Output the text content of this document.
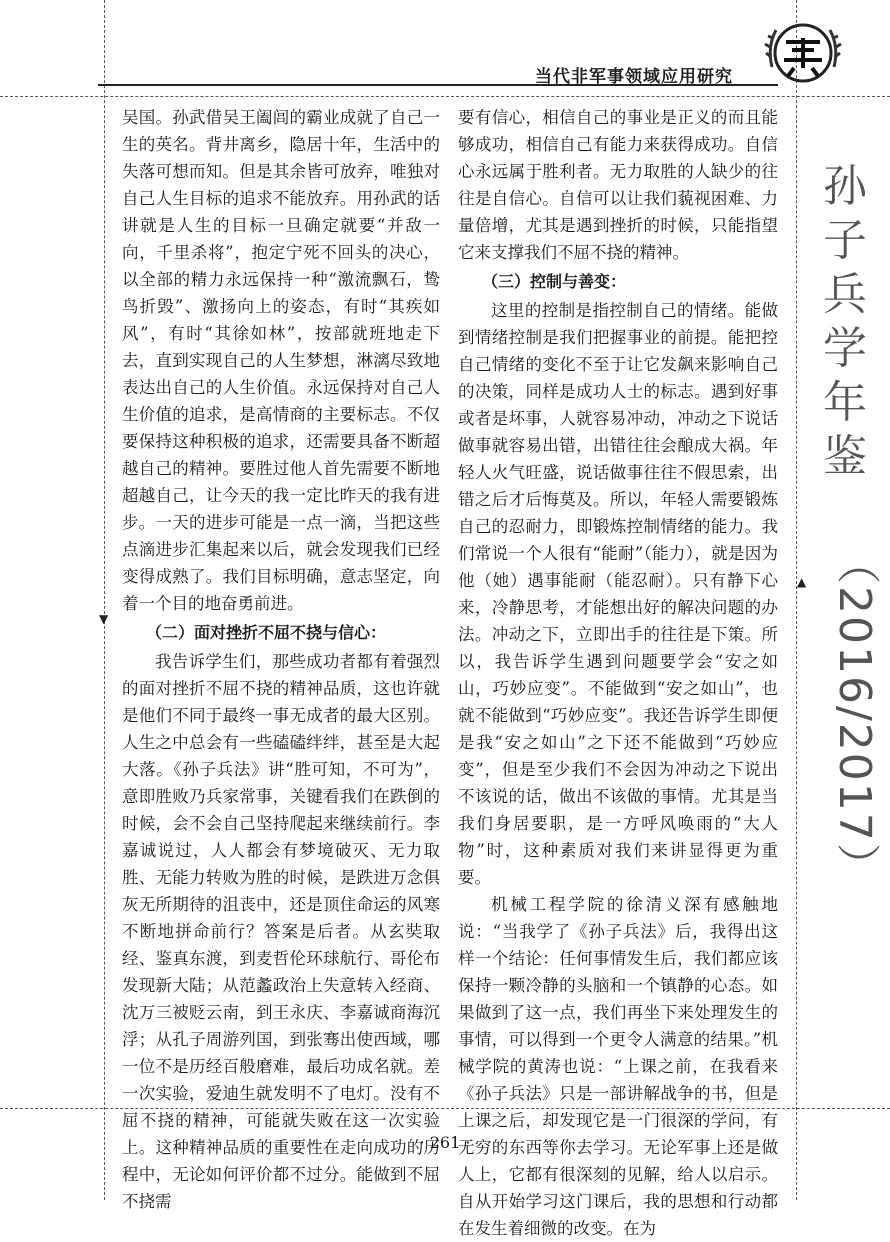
当代非军事领域应用研究
孙
子
兵
学
年
鉴
（2016/2017）
▼
▲

吴国。孙武借吴王阖闾的霸业成就了自己一生的英名。背井离乡，隐居十年，生活中的失落可想而知。但是其余皆可放弃，唯独对自己人生目标的追求不能放弃。用孙武的话讲就是人生的目标一旦确定就要“并敌一向，千里杀将”，抱定宁死不回头的决心，以全部的精力永远保持一种“激流飘石，鸷鸟折毁”、激扬向上的姿态，有时“其疾如风”，有时“其徐如林”，按部就班地走下去，直到实现自己的人生梦想，淋漓尽致地表达出自己的人生价值。永远保持对自己人生价值的追求，是高情商的主要标志。不仅要保持这种积极的追求，还需要具备不断超越自己的精神。要胜过他人首先需要不断地超越自己，让今天的我一定比昨天的我有进步。一天的进步可能是一点一滴，当把这些点滴进步汇集起来以后，就会发现我们已经变得成熟了。我们目标明确，意志坚定，向着一个目的地奋勇前进。

（二）面对挫折不屈不挠与信心：

我告诉学生们，那些成功者都有着强烈的面对挫折不屈不挠的精神品质，这也许就是他们不同于最终一事无成者的最大区别。人生之中总会有一些磕磕绊绊，甚至是大起大落。《孙子兵法》讲“胜可知，不可为”，意即胜败乃兵家常事，关键看我们在跌倒的时候，会不会自己坚持爬起来继续前行。李嘉诚说过，人人都会有梦境破灭、无力取胜、无能力转败为胜的时候，是跌进万念俱灰无所期待的沮丧中，还是顶住命运的风寒不断地拼命前行？答案是后者。从玄奘取经、鉴真东渡，到麦哲伦环球航行、哥伦布发现新大陆；从范蠡政治上失意转入经商、沈万三被贬云南，到王永庆、李嘉诚商海沉浮；从孔子周游列国，到张骞出使西域，哪一位不是历经百般磨难，最后功成名就。差一次实验，爱迪生就发明不了电灯。没有不屈不挠的精神，可能就失败在这一次实验上。这种精神品质的重要性在走向成功的历程中，无论如何评价都不过分。能做到不屈不挠需

要有信心，相信自己的事业是正义的而且能够成功，相信自己有能力来获得成功。自信心永远属于胜利者。无力取胜的人缺少的往往是自信心。自信可以让我们藐视困难、力量倍增，尤其是遇到挫折的时候，只能指望它来支撑我们不屈不挠的精神。

（三）控制与善变：

这里的控制是指控制自己的情绪。能做到情绪控制是我们把握事业的前提。能把控自己情绪的变化不至于让它发飙来影响自己的决策，同样是成功人士的标志。遇到好事或者是坏事，人就容易冲动，冲动之下说话做事就容易出错，出错往往会酿成大祸。年轻人火气旺盛，说话做事往往不假思索，出错之后才后悔莫及。所以，年轻人需要锻炼自己的忍耐力，即锻炼控制情绪的能力。我们常说一个人很有“能耐”（能力），就是因为他（她）遇事能耐（能忍耐）。只有静下心来，冷静思考，才能想出好的解决问题的办法。冲动之下，立即出手的往往是下策。所以，我告诉学生遇到问题要学会“安之如山，巧妙应变”。不能做到“安之如山”，也就不能做到“巧妙应变”。我还告诉学生即便是我“安之如山”之下还不能做到“巧妙应变”，但是至少我们不会因为冲动之下说出不该说的话，做出不该做的事情。尤其是当我们身居要职，是一方呼风唤雨的“大人物”时，这种素质对我们来讲显得更为重要。

机械工程学院的徐清义深有感触地说：“当我学了《孙子兵法》后，我得出这样一个结论：任何事情发生后，我们都应该保持一颗冷静的头脑和一个镇静的心态。如果做到了这一点，我们再坐下来处理发生的事情，可以得到一个更令人满意的结果。”机械学院的黄涛也说：“上课之前，在我看来《孙子兵法》只是一部讲解战争的书，但是上课之后，却发现它是一门很深的学问，有无穷的东西等你去学习。无论军事上还是做人上，它都有很深刻的见解，给人以启示。自从开始学习这门课后，我的思想和行动都在发生着细微的改变。在为

· 261 ·
